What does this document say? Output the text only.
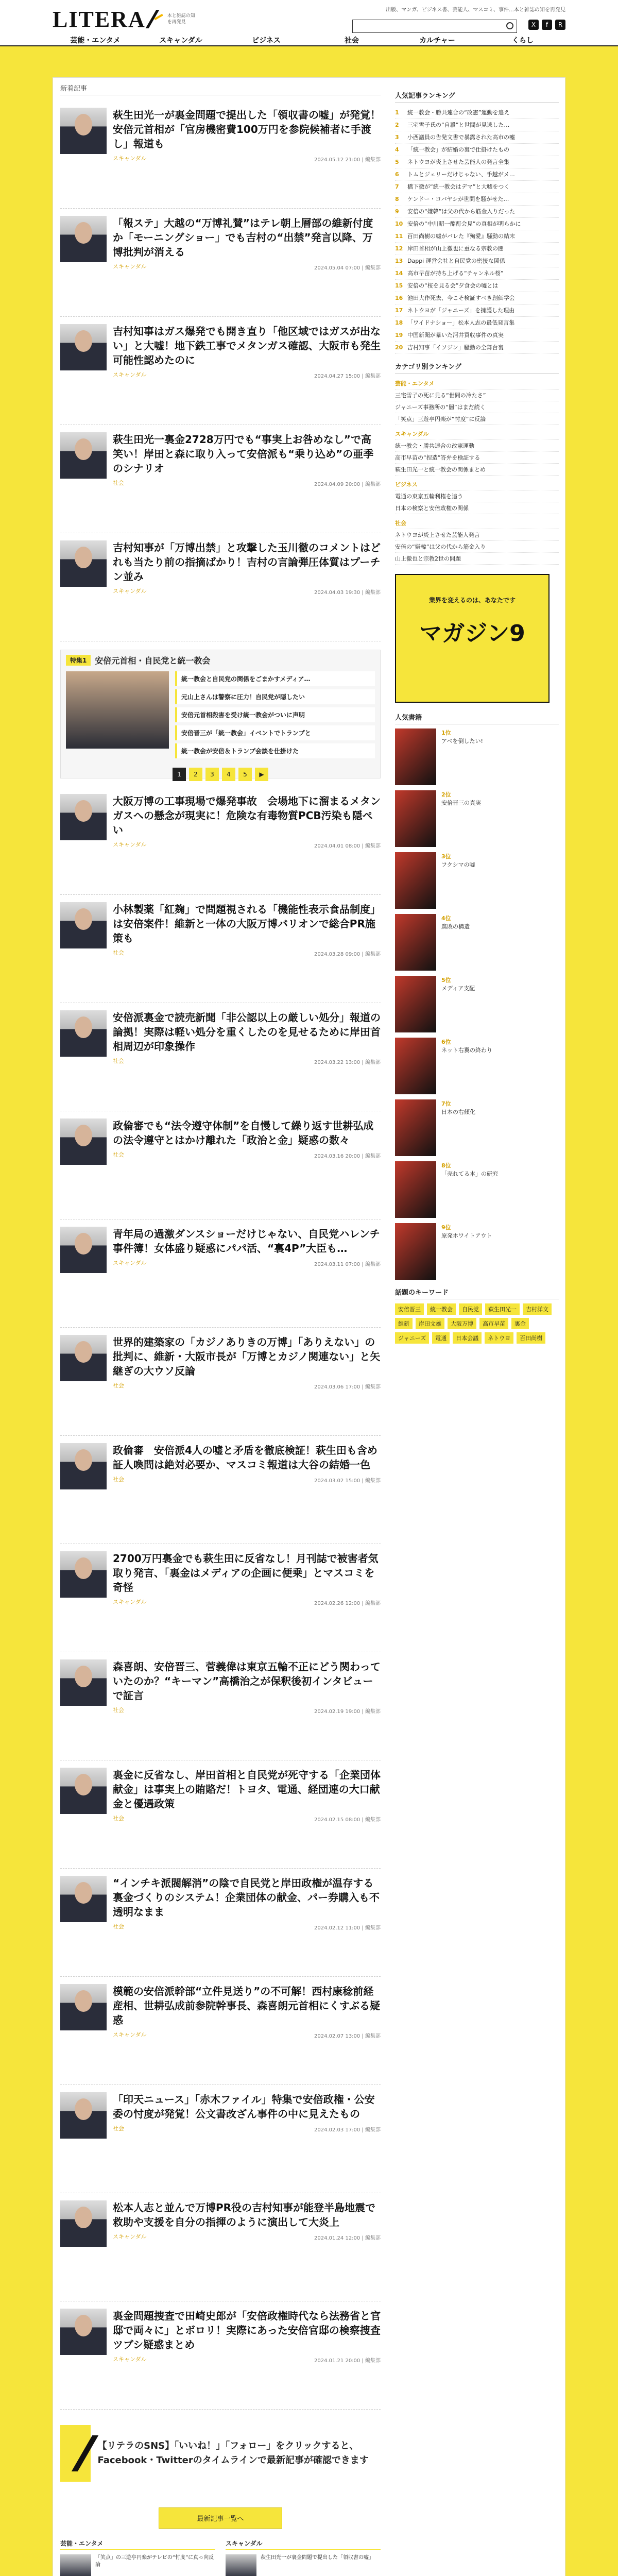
LITERA	本と雑誌の知を再発見
出版、マンガ、ビジネス書、芸能人、マスコミ、事件…本と雑誌の知を再発見
X	f	R
芸能・エンタメ	スキャンダル	ビジネス	社会	カルチャー	くらし
新着記事
萩生田光一が裏金問題で提出した「領収書の嘘」が発覚！安倍元首相が「官房機密費100万円を参院候補者に手渡し」報道も
スキャンダル	2024.05.12 21:00 | 編集部
「報ステ」大越の“万博礼賛”はテレ朝上層部の維新付度か「モーニングショー」でも吉村の“出禁”発言以降、万博批判が消える
スキャンダル	2024.05.04 07:00 | 編集部
吉村知事はガス爆発でも開き直り「他区域ではガスが出ない」と大嘘！地下鉄工事でメタンガス確認、大阪市も発生可能性認めたのに
スキャンダル	2024.04.27 15:00 | 編集部
萩生田光一裏金2728万円でも“事実上お咎めなし”で高笑い！岸田と森に取り入って安倍派も“乗り込め”の亜季のシナリオ
社会	2024.04.09 20:00 | 編集部
吉村知事が「万博出禁」と攻撃した玉川徹のコメントはどれも当たり前の指摘ばかり！吉村の言論弾圧体質はプーチン並み
スキャンダル	2024.04.03 19:30 | 編集部
特集1	安倍元首相・自民党と統一教会
統一教会と自民党の関係をごまかすメディア…
元山上さんは警察に圧力！自民党が隠したい
安倍元首相殺害を受け統一教会がついに声明
安倍晋三が「統一教会」イベントでトランプと
統一教会が安倍＆トランプ会談を仕掛けた
1	2	3	4	5	▶
大阪万博の工事現場で爆発事故　会場地下に溜まるメタンガスへの懸念が現実に！危険な有毒物質PCB汚染も隠ぺい
スキャンダル	2024.04.01 08:00 | 編集部
小林製薬「紅麹」で問題視される「機能性表示食品制度」は安倍案件！維新と一体の大阪万博バリオンで総合PR施策も
社会	2024.03.28 09:00 | 編集部
安倍派裏金で読売新聞「非公認以上の厳しい処分」報道の論拠！実際は軽い処分を重くしたのを見せるために岸田首相周辺が印象操作
社会	2024.03.22 13:00 | 編集部
政倫審でも“法令遵守体制”を自慢して繰り返す世耕弘成の法令遵守とはかけ離れた「政治と金」疑惑の数々
社会	2024.03.16 20:00 | 編集部
青年局の過激ダンスショーだけじゃない、自民党ハレンチ事件簿！女体盛り疑惑にパパ活、“裏4P”大臣も…
スキャンダル	2024.03.11 07:00 | 編集部
世界的建築家の「カジノありきの万博」「ありえない」の批判に、維新・大阪市長が「万博とカジノ関連ない」と矢継ぎの大ウソ反論
社会	2024.03.06 17:00 | 編集部
政倫審　安倍派4人の嘘と矛盾を徹底検証！萩生田も含め証人喚問は絶対必要か、マスコミ報道は大谷の結婚一色
社会	2024.03.02 15:00 | 編集部
2700万円裏金でも萩生田に反省なし！月刊誌で被害者気取り発言、「裏金はメディアの企画に便乗」とマスコミを奇怪
スキャンダル	2024.02.26 12:00 | 編集部
森喜朗、安倍晋三、菅義偉は東京五輪不正にどう関わっていたのか？“キーマン”高橋治之が保釈後初インタビューで証言
社会	2024.02.19 19:00 | 編集部
裏金に反省なし、岸田首相と自民党が死守する「企業団体献金」は事実上の賄賂だ！トヨタ、電通、経団連の大口献金と優遇政策
社会	2024.02.15 08:00 | 編集部
“インチキ派閥解消”の陰で自民党と岸田政権が温存する裏金づくりのシステム！企業団体の献金、パー券購入も不透明なまま
社会	2024.02.12 11:00 | 編集部
模範の安倍派幹部“立件見送り”の不可解！西村康稔前経産相、世耕弘成前参院幹事長、森喜朗元首相にくすぶる疑惑
スキャンダル	2024.02.07 13:00 | 編集部
「印天ニュース」「赤木ファイル」特集で安倍政権・公安委の忖度が発覚！公文書改ざん事件の中に見えたもの
社会	2024.02.03 17:00 | 編集部
松本人志と並んで万博PR役の吉村知事が能登半島地震で救助や支援を自分の指揮のように演出して大炎上
スキャンダル	2024.01.24 12:00 | 編集部
裏金問題捜査で田崎史郎が「安倍政権時代なら法務省と官邸で両々に」とボロリ！実際にあった安倍官邸の検察捜査ツブシ疑惑まとめ
スキャンダル	2024.01.21 20:00 | 編集部
【リテラのSNS】「いいね！」「フォロー」をクリックすると、Facebook・Twitterのタイムラインで最新記事が確認できます
最新記事一覧へ
芸能・エンタメ
「笑点」の三遊亭円楽がテレビの“忖度”に真っ向反論
スキャンダル
萩生田光一が裏金問題で提出した「領収書の嘘」
人気記事ランキング
1	統一教会・勝共連合の“改憲”運動を追え
2	三宅雪子氏の“自殺”と世間が見逃した…
3	小西議員の告発文書で暴露された高市の嘘
4	「統一教会」が結婚の裏で仕掛けたもの
5	ネトウヨが炎上させた芸能人の発言全集
6	トムとジェリーだけじゃない、手越がメ…
7	橋下徹が“統一教会はデマ”と大嘘をつく
8	ケンドー・コバヤシが世間を騒がせた…
9	安倍の“嫌韓”は父の代から筋金入りだった
10 安倍の“中川昭一酩酊会見”の真相が明らかに
11 百田尚樹の嘘がバレた『殉愛』騒動の結末
12 岸田首相が山上徹也に重なる宗教の闇
13 Dappi 運営会社と自民党の密接な関係
14 高市早苗が持ち上げる“チャンネル桜”
15 安倍の“桜を見る会”夕食会の嘘とは
16 池田大作死去、今こそ検証すべき創価学会
17 ネトウヨが「ジャニーズ」を擁護した理由
18 「ワイドナショー」松本人志の最低発言集
19 中国新聞が暴いた河井買収事件の真実
20 吉村知事「イソジン」騒動の全舞台裏
カテゴリ別ランキング
芸能・エンタメ
三宅雪子の死に見る“世間の冷たさ”
ジャニーズ事務所の“闇”はまだ続く
「笑点」三遊亭円楽が“忖度”に反論
スキャンダル
統一教会・勝共連合の改憲運動
高市早苗の“捏造”答弁を検証する
萩生田光一と統一教会の関係まとめ
ビジネス
電通の東京五輪利権を追う
日本の検察と安倍政権の関係
社会
ネトウヨが炎上させた芸能人発言
安倍の“嫌韓”は父の代から筋金入り
山上徹也と宗教2世の問題
業界を変えるのは、あなたです
マガジン9
人気書籍
1位
アベを倒したい!
2位
安倍晋三の真実
3位
フクシマの嘘
4位
腐敗の構造
5位
メディア支配
6位
ネット右翼の終わり
7位
日本の右傾化
8位
「売れてる本」の研究
9位
原発ホワイトアウト
話題のキーワード
安倍晋三	統一教会	自民党	萩生田光一	吉村洋文
維新	岸田文雄	大阪万博	高市早苗	裏金
ジャニーズ	電通	日本会議	ネトウヨ	百田尚樹
